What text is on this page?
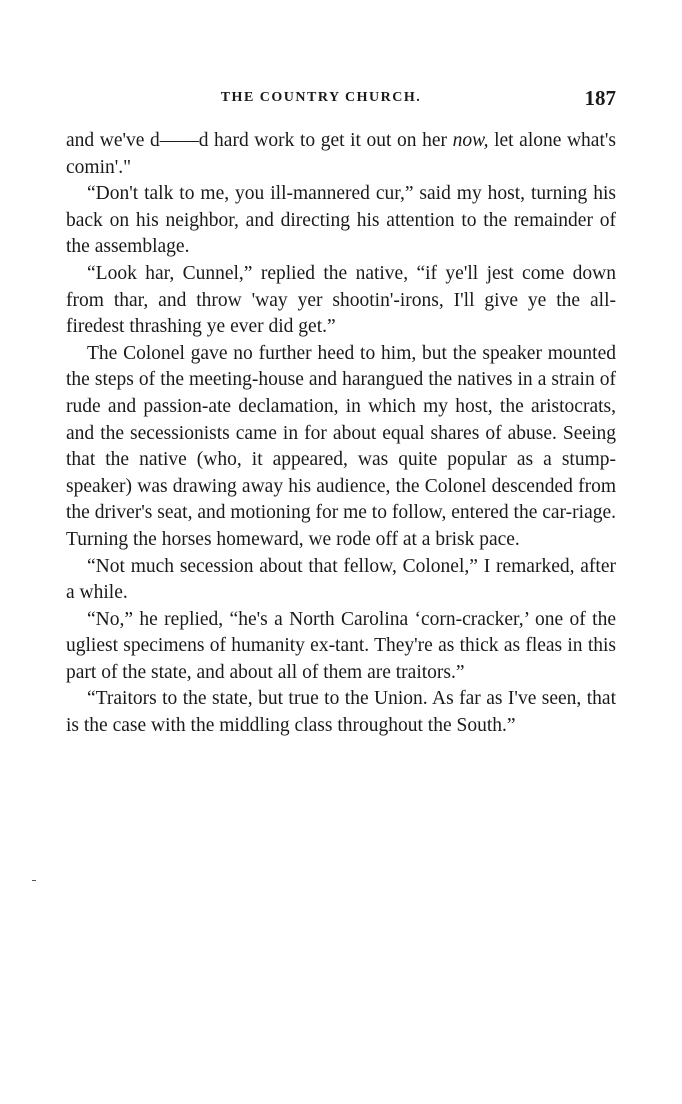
THE COUNTRY CHURCH.	187

and we've d——d hard work to get it out on her now, let alone what's comin'."

“Don't talk to me, you ill-mannered cur,” said my host, turning his back on his neighbor, and directing his attention to the remainder of the assemblage.

“Look har, Cunnel,” replied the native, “if ye'll jest come down from thar, and throw 'way yer shootin'-irons, I'll give ye the all-firedest thrashing ye ever did get.”

The Colonel gave no further heed to him, but the speaker mounted the steps of the meeting-house and harangued the natives in a strain of rude and passion-ate declamation, in which my host, the aristocrats, and the secessionists came in for about equal shares of abuse. Seeing that the native (who, it appeared, was quite popular as a stump-speaker) was drawing away his audience, the Colonel descended from the driver's seat, and motioning for me to follow, entered the car-riage. Turning the horses homeward, we rode off at a brisk pace.

“Not much secession about that fellow, Colonel,” I remarked, after a while.

“No,” he replied, “he's a North Carolina ‘corn-cracker,’ one of the ugliest specimens of humanity ex-tant. They're as thick as fleas in this part of the state, and about all of them are traitors.”

“Traitors to the state, but true to the Union. As far as I've seen, that is the case with the middling class throughout the South.”
